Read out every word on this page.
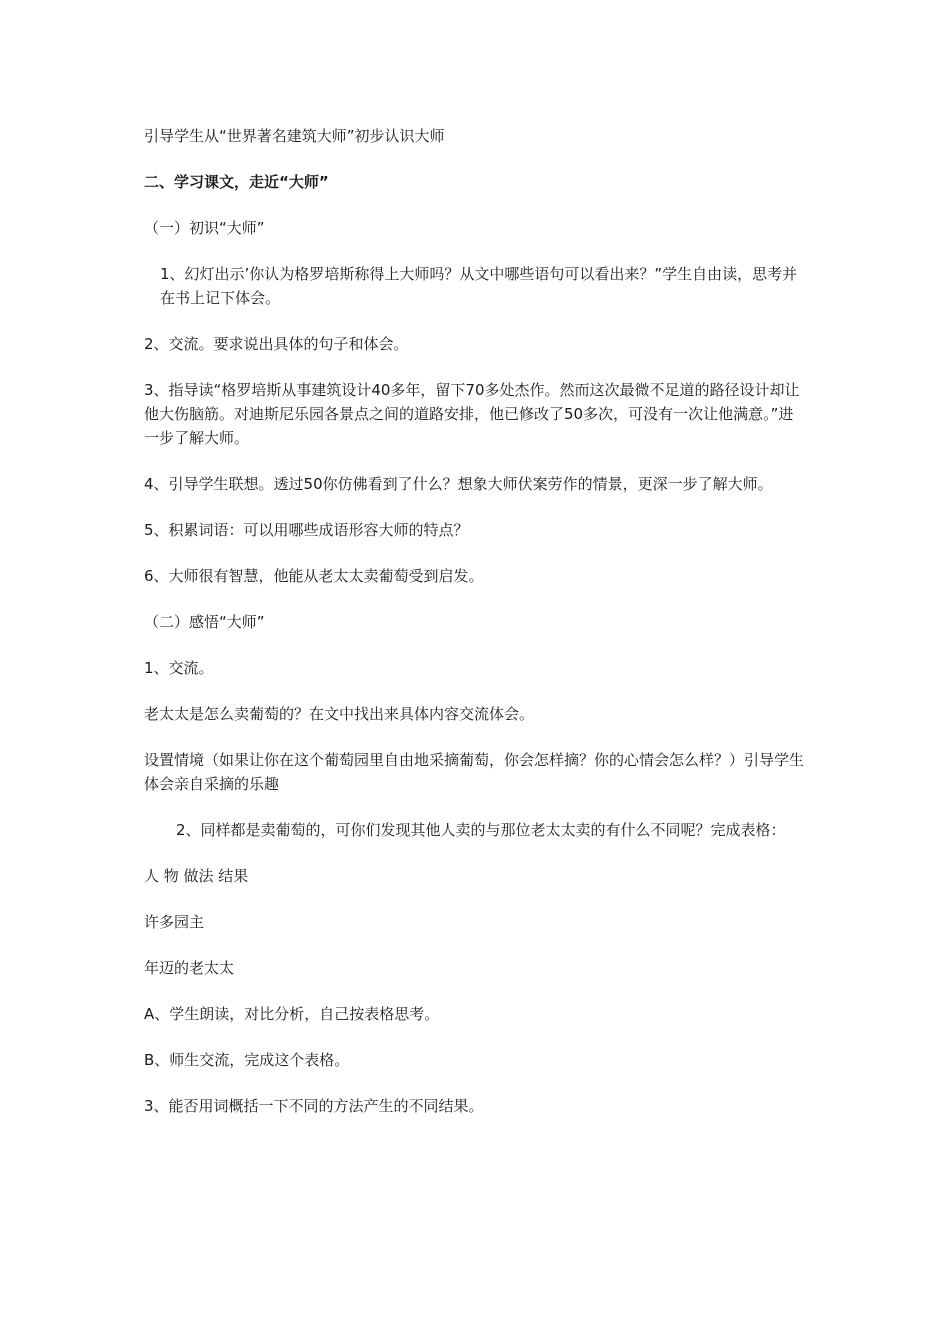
引导学生从“世界著名建筑大师”初步认识大师

二、学习课文，走近“大师”

（一）初识“大师”

1、幻灯出示’你认为格罗培斯称得上大师吗？从文中哪些语句可以看出来？”学生自由读，思考并在书上记下体会。

2、交流。要求说出具体的句子和体会。

3、指导读“格罗培斯从事建筑设计40多年，留下70多处杰作。然而这次最微不足道的路径设计却让他大伤脑筋。对迪斯尼乐园各景点之间的道路安排，他已修改了50多次，可没有一次让他满意。”进一步了解大师。

4、引导学生联想。透过50你仿佛看到了什么？想象大师伏案劳作的情景，更深一步了解大师。

5、积累词语：可以用哪些成语形容大师的特点？

6、大师很有智慧，他能从老太太卖葡萄受到启发。

（二）感悟“大师”

1、交流。

老太太是怎么卖葡萄的？在文中找出来具体内容交流体会。

设置情境（如果让你在这个葡萄园里自由地采摘葡萄，你会怎样摘？你的心情会怎么样？）引导学生体会亲自采摘的乐趣

2、同样都是卖葡萄的，可你们发现其他人卖的与那位老太太卖的有什么不同呢？完成表格：

人 物 做法 结果

许多园主

年迈的老太太

A、学生朗读，对比分析，自己按表格思考。

B、师生交流，完成这个表格。

3、能否用词概括一下不同的方法产生的不同结果。
